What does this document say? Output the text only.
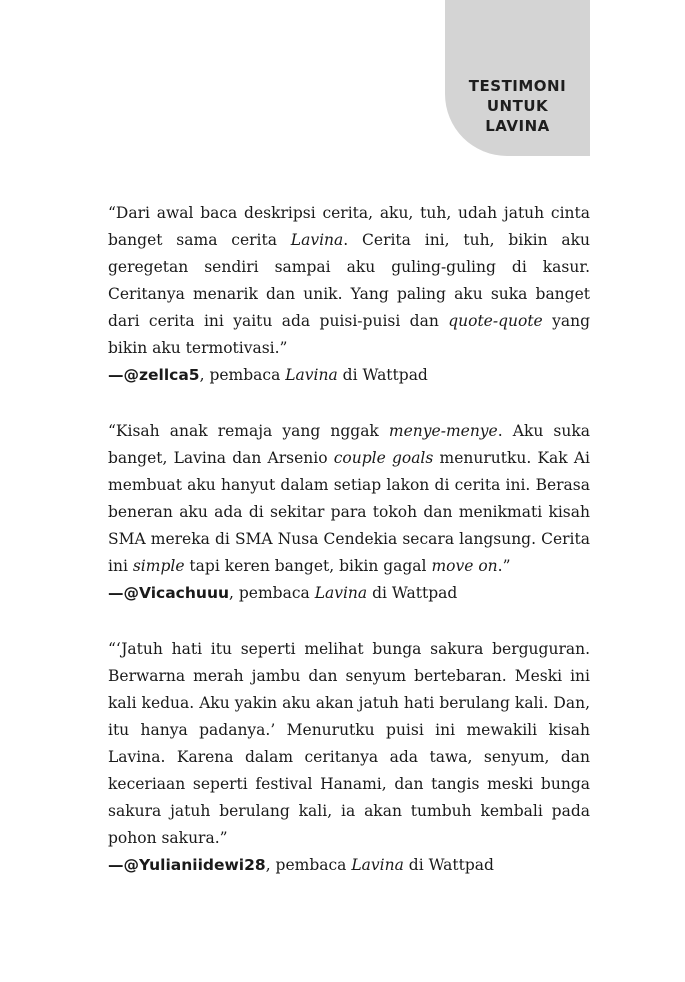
TESTIMONI
UNTUK
LAVINA

“Dari awal baca deskripsi cerita, aku, tuh, udah jatuh cinta banget sama cerita Lavina. Cerita ini, tuh, bikin aku geregetan sendiri sampai aku guling-guling di kasur. Ceritanya menarik dan unik. Yang paling aku suka banget dari cerita ini yaitu ada puisi-puisi dan quote-quote yang bikin aku termotivasi.”

—@zellca5, pembaca Lavina di Wattpad

“Kisah anak remaja yang nggak menye-menye. Aku suka banget, Lavina dan Arsenio couple goals menurutku. Kak Ai membuat aku hanyut dalam setiap lakon di cerita ini. Berasa beneran aku ada di sekitar para tokoh dan menikmati kisah SMA mereka di SMA Nusa Cendekia secara langsung. Cerita ini simple tapi keren banget, bikin gagal move on.”

—@Vicachuuu, pembaca Lavina di Wattpad

“‘Jatuh hati itu seperti melihat bunga sakura berguguran. Berwarna merah jambu dan senyum bertebaran. Meski ini kali kedua. Aku yakin aku akan jatuh hati berulang kali. Dan, itu hanya padanya.’ Menurutku puisi ini mewakili kisah Lavina. Karena dalam ceritanya ada tawa, senyum, dan keceriaan seperti festival Hanami, dan tangis meski bunga sakura jatuh berulang kali, ia akan tumbuh kembali pada pohon sakura.”

—@Yulianiidewi28, pembaca Lavina di Wattpad
